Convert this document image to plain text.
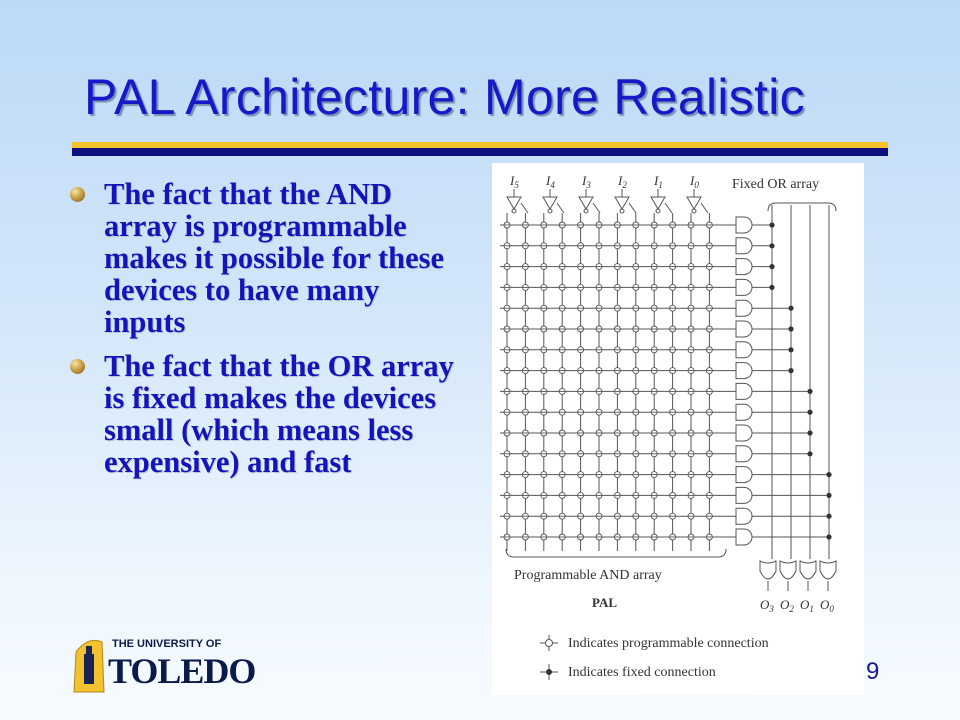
PAL Architecture: More Realistic
The fact that the AND array is programmable makes it possible for these devices to have many inputs
The fact that the OR array is fixed makes the devices small (which means less expensive) and fast
$I_5$ $I_4$ $I_3$ $I_2$ $I_1$ $I_0$
$O_3$ $O_2$ $O_1$ $O_0$
Fixed OR array
Programmable AND array
PAL
Indicates programmable connection
Indicates fixed connection
THE UNIVERSITY OF
TOLEDO	9
